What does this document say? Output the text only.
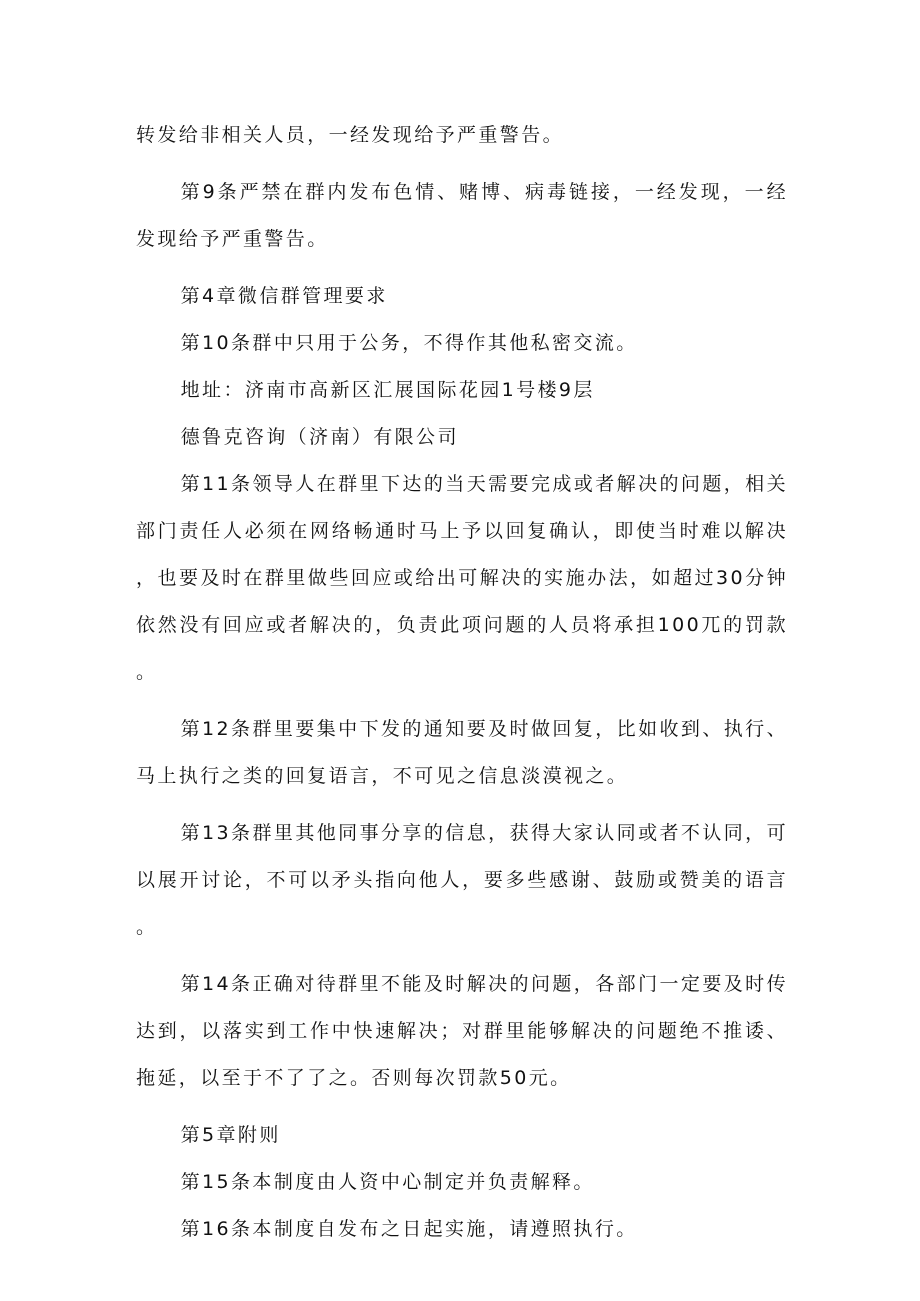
转发给非相关人员，一经发现给予严重警告。

第9条严禁在群内发布色情、赌博、病毒链接，一经发现，一经发现给予严重警告。

第4章微信群管理要求

第10条群中只用于公务，不得作其他私密交流。

地址：济南市高新区汇展国际花园1号楼9层

德鲁克咨询（济南）有限公司

第11条领导人在群里下达的当天需要完成或者解决的问题，相关部门责任人必须在网络畅通时马上予以回复确认，即使当时难以解决，也要及时在群里做些回应或给出可解决的实施办法，如超过30分钟依然没有回应或者解决的，负责此项问题的人员将承担100兀的罚款。

第12条群里要集中下发的通知要及时做回复，比如收到、执行、马上执行之类的回复语言，不可见之信息淡漠视之。

第13条群里其他同事分享的信息，获得大家认同或者不认同，可以展开讨论，不可以矛头指向他人，要多些感谢、鼓励或赞美的语言。

第14条正确对待群里不能及时解决的问题，各部门一定要及时传达到，以落实到工作中快速解决；对群里能够解决的问题绝不推诿、拖延，以至于不了了之。否则每次罚款50元。

第5章附则

第15条本制度由人资中心制定并负责解释。

第16条本制度自发布之日起实施，请遵照执行。
